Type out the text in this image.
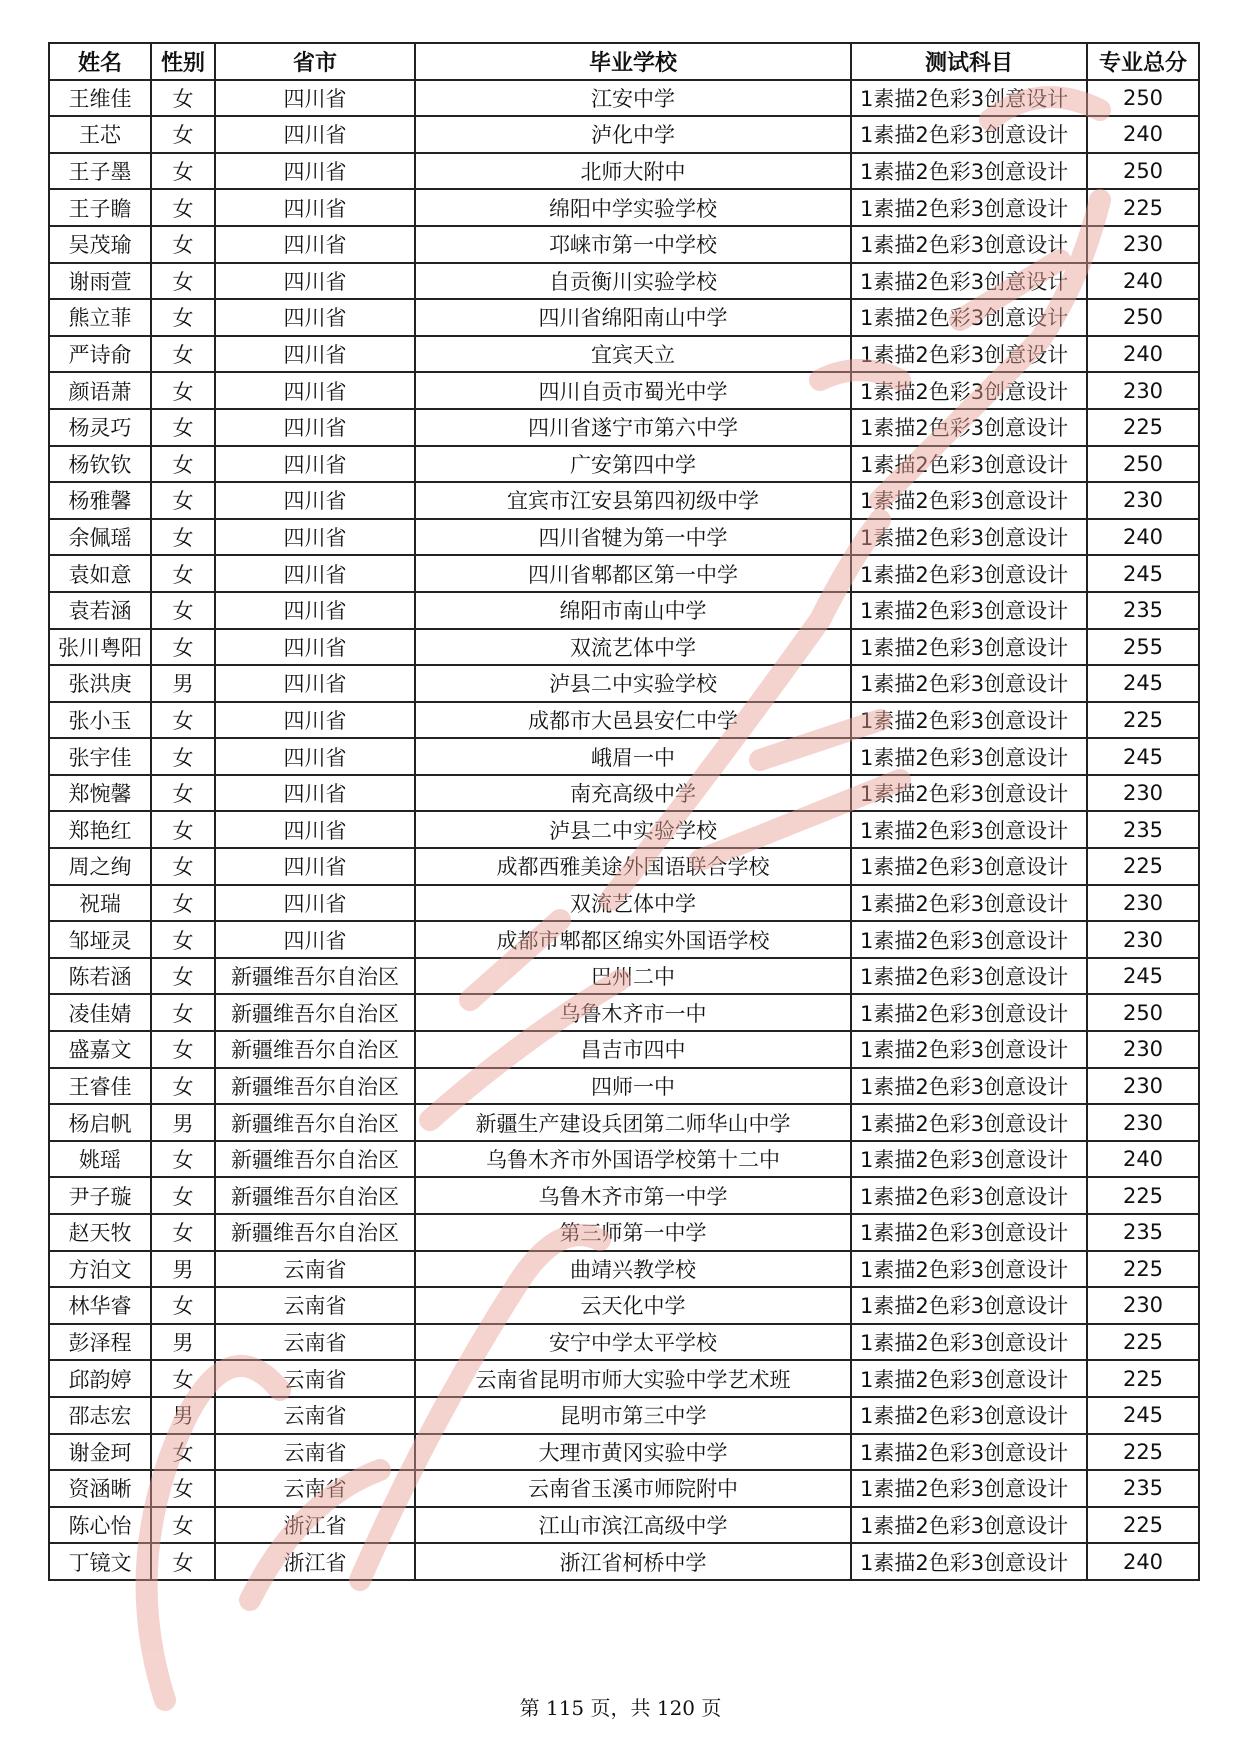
姓名	性别	省市	毕业学校	测试科目	专业总分
王维佳	女	四川省	江安中学	1素描2色彩3创意设计	250
王芯	女	四川省	泸化中学	1素描2色彩3创意设计	240
王子墨	女	四川省	北师大附中	1素描2色彩3创意设计	250
王子瞻	女	四川省	绵阳中学实验学校	1素描2色彩3创意设计	225
吴茂瑜	女	四川省	邛崃市第一中学校	1素描2色彩3创意设计	230
谢雨萱	女	四川省	自贡衡川实验学校	1素描2色彩3创意设计	240
熊立菲	女	四川省	四川省绵阳南山中学	1素描2色彩3创意设计	250
严诗俞	女	四川省	宜宾天立	1素描2色彩3创意设计	240
颜语萧	女	四川省	四川自贡市蜀光中学	1素描2色彩3创意设计	230
杨灵巧	女	四川省	四川省遂宁市第六中学	1素描2色彩3创意设计	225
杨钦钦	女	四川省	广安第四中学	1素描2色彩3创意设计	250
杨雅馨	女	四川省	宜宾市江安县第四初级中学	1素描2色彩3创意设计	230
余佩瑶	女	四川省	四川省犍为第一中学	1素描2色彩3创意设计	240
袁如意	女	四川省	四川省郫都区第一中学	1素描2色彩3创意设计	245
袁若涵	女	四川省	绵阳市南山中学	1素描2色彩3创意设计	235
张川粤阳	女	四川省	双流艺体中学	1素描2色彩3创意设计	255
张洪庚	男	四川省	泸县二中实验学校	1素描2色彩3创意设计	245
张小玉	女	四川省	成都市大邑县安仁中学	1素描2色彩3创意设计	225
张宇佳	女	四川省	峨眉一中	1素描2色彩3创意设计	245
郑惋馨	女	四川省	南充高级中学	1素描2色彩3创意设计	230
郑艳红	女	四川省	泸县二中实验学校	1素描2色彩3创意设计	235
周之绚	女	四川省	成都西雅美途外国语联合学校	1素描2色彩3创意设计	225
祝瑞	女	四川省	双流艺体中学	1素描2色彩3创意设计	230
邹垭灵	女	四川省	成都市郫都区绵实外国语学校	1素描2色彩3创意设计	230
陈若涵	女	新疆维吾尔自治区	巴州二中	1素描2色彩3创意设计	245
凌佳婧	女	新疆维吾尔自治区	乌鲁木齐市一中	1素描2色彩3创意设计	250
盛嘉文	女	新疆维吾尔自治区	昌吉市四中	1素描2色彩3创意设计	230
王睿佳	女	新疆维吾尔自治区	四师一中	1素描2色彩3创意设计	230
杨启帆	男	新疆维吾尔自治区	新疆生产建设兵团第二师华山中学	1素描2色彩3创意设计	230
姚瑶	女	新疆维吾尔自治区	乌鲁木齐市外国语学校第十二中	1素描2色彩3创意设计	240
尹子璇	女	新疆维吾尔自治区	乌鲁木齐市第一中学	1素描2色彩3创意设计	225
赵天牧	女	新疆维吾尔自治区	第三师第一中学	1素描2色彩3创意设计	235
方泊文	男	云南省	曲靖兴教学校	1素描2色彩3创意设计	225
林华睿	女	云南省	云天化中学	1素描2色彩3创意设计	230
彭泽程	男	云南省	安宁中学太平学校	1素描2色彩3创意设计	225
邱韵婷	女	云南省	云南省昆明市师大实验中学艺术班	1素描2色彩3创意设计	225
邵志宏	男	云南省	昆明市第三中学	1素描2色彩3创意设计	245
谢金珂	女	云南省	大理市黄冈实验中学	1素描2色彩3创意设计	225
资涵晰	女	云南省	云南省玉溪市师院附中	1素描2色彩3创意设计	235
陈心怡	女	浙江省	江山市滨江高级中学	1素描2色彩3创意设计	225
丁镜文	女	浙江省	浙江省柯桥中学	1素描2色彩3创意设计	240
第 115 页，共 120 页
